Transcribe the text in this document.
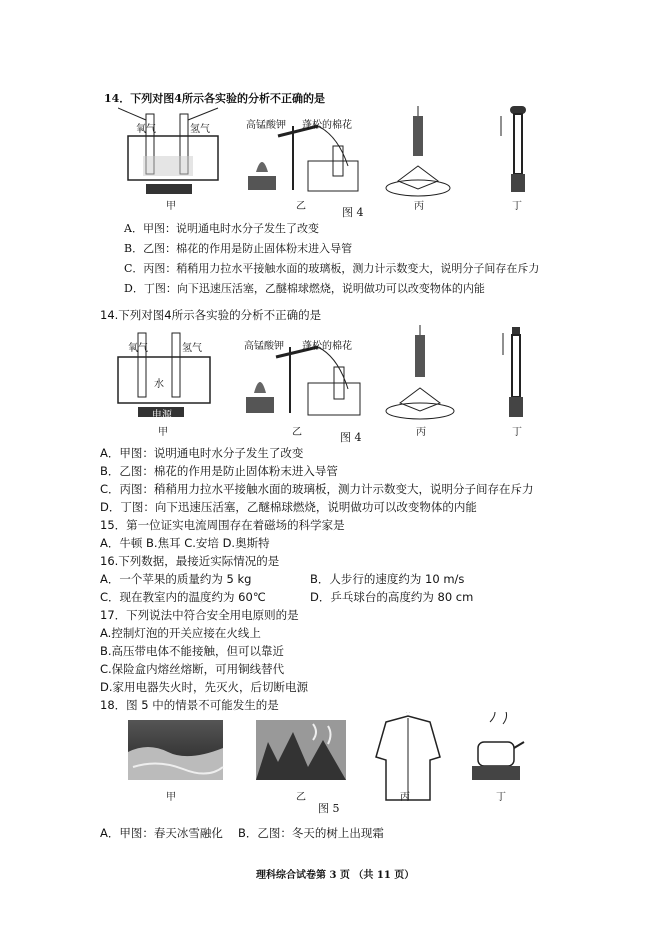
14．下列对图4所示各实验的分析不正确的是
氧气	氢气	高锰酸钾 蓬松的棉花
甲	乙	图 4	丙	丁
A．甲图：说明通电时水分子发生了改变
B．乙图：棉花的作用是防止固体粉末进入导管
C．丙图：稍稍用力拉水平接触水面的玻璃板，测力计示数变大，说明分子间存在斥力
D．丁图：向下迅速压活塞，乙醚棉球燃烧，说明做功可以改变物体的内能
14.下列对图4所示各实验的分析不正确的是
氧气	氢气
水
电源
高锰酸钾 蓬松的棉花
甲	乙	图 4	丙	丁
A．甲图：说明通电时水分子发生了改变
B．乙图：棉花的作用是防止固体粉末进入导管
C．丙图：稍稍用力拉水平接触水面的玻璃板，测力计示数变大，说明分子间存在斥力
D．丁图：向下迅速压活塞，乙醚棉球燃烧，说明做功可以改变物体的内能
15．第一位证实电流周围存在着磁场的科学家是
A．牛顿 B.焦耳 C.安培 D.奥斯特
16.下列数据，最接近实际情况的是
A．一个苹果的质量约为 5 kg	B．人步行的速度约为 10 m/s
C．现在教室内的温度约为 60℃	D．乒乓球台的高度约为 80 cm
17．下列说法中符合安全用电原则的是
A.控制灯泡的开关应接在火线上
B.高压带电体不能接触，但可以靠近
C.保险盒内熔丝熔断，可用铜线替代
D.家用电器失火时，先灭火，后切断电源
18．图 5 中的情景不可能发生的是
甲	乙
图 5
丙	丁
A．甲图：春天冰雪融化　 B．乙图：冬天的树上出现霜
理科综合试卷第 3 页 （共 11 页）
